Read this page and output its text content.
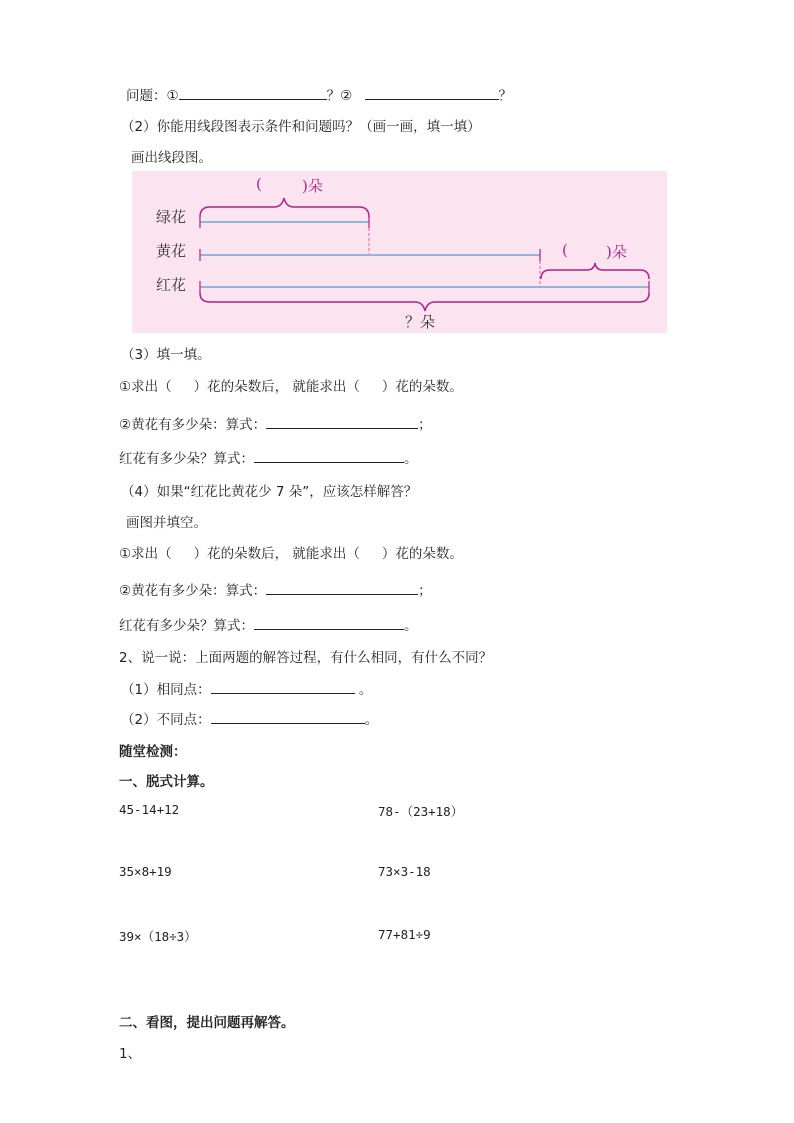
问题：①	？②	？
（2）你能用线段图表示条件和问题吗？（画一画，填一填）
画出线段图。
绿花
黄花
红花
(	)朵
(	)朵
？朵
（3）填一填。
①求出（ ）花的朵数后， 就能求出（ ）花的朵数。
②黄花有多少朵：算式：	；
红花有多少朵？算式：	。
（4）如果“红花比黄花少 7 朵”，应该怎样解答？
画图并填空。
①求出（ ）花的朵数后， 就能求出（ ）花的朵数。
②黄花有多少朵：算式：	；
红花有多少朵？算式：	。
2、说一说：上面两题的解答过程，有什么相同，有什么不同？
（1）相同点：	。
（2）不同点：	。
随堂检测：
一、脱式计算。
45-14+12	78-（23+18）
35×8+19	73×3-18
39×（18÷3）	77+81÷9
二、看图，提出问题再解答。
1、
